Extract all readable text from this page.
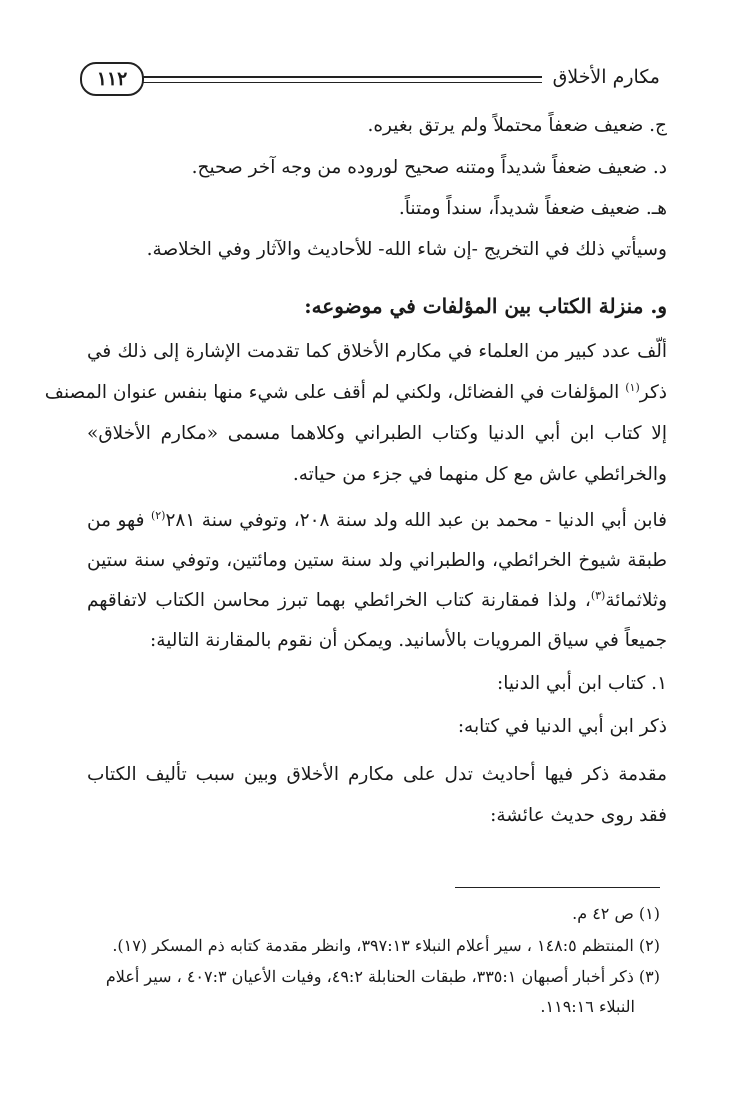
مكارم الأخلاق
١١٢
ج. ضعيف ضعفاً محتملاً ولم يرتق بغيره.
د. ضعيف ضعفاً شديداً ومتنه صحيح لوروده من وجه آخر صحيح.
هـ. ضعيف ضعفاً شديداً، سنداً ومتناً.
وسيأتي ذلك في التخريج -إن شاء الله- للأحاديث والآثار وفي الخلاصة.
و. منزلة الكتاب بين المؤلفات في موضوعه:
ألّف عدد كبير من العلماء في مكارم الأخلاق كما تقدمت الإشارة إلى ذلك في
ذكر$^{(١)}$ المؤلفات في الفضائل، ولكني لم أقف على شيء منها بنفس عنوان المصنف
إلا كتاب ابن أبي الدنيا وكتاب الطبراني وكلاهما مسمى «مكارم الأخلاق»
والخرائطي عاش مع كل منهما في جزء من حياته.
فابن أبي الدنيا - محمد بن عبد الله ولد سنة ٢٠٨، وتوفي سنة ٢٨١$^{(٢)}$ فهو من
طبقة شيوخ الخرائطي، والطبراني ولد سنة ستين ومائتين، وتوفي سنة ستين
وثلاثمائة$^{(٣)}$، ولذا فمقارنة كتاب الخرائطي بهما تبرز محاسن الكتاب لاتفاقهم
جميعاً في سياق المرويات بالأسانيد. ويمكن أن نقوم بالمقارنة التالية:
١. كتاب ابن أبي الدنيا:
ذكر ابن أبي الدنيا في كتابه:
مقدمة ذكر فيها أحاديث تدل على مكارم الأخلاق وبين سبب تأليف الكتاب
فقد روى حديث عائشة:
(١) ص ٤٢ م.
(٢) المنتظم ١٤٨:٥ ، سير أعلام النبلاء ٣٩٧:١٣، وانظر مقدمة كتابه ذم المسكر (١٧).
(٣) ذكر أخبار أصبهان ٣٣٥:١، طبقات الحنابلة ٤٩:٢، وفيات الأعيان ٤٠٧:٣ ، سير أعلام
النبلاء ١١٩:١٦.
